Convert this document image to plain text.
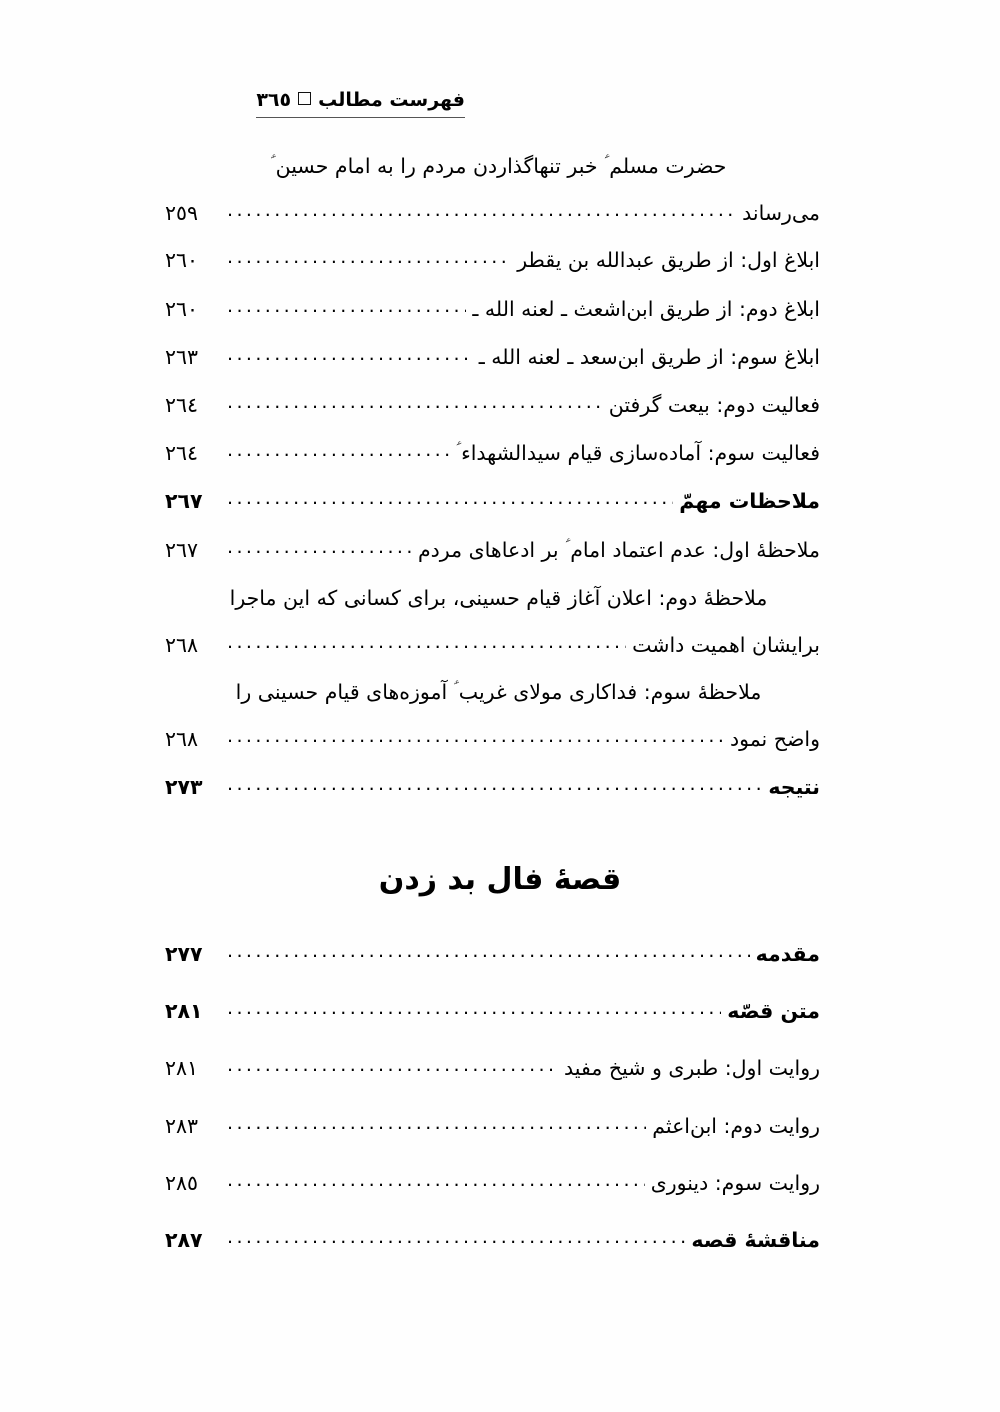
فهرست مطالب٣٦٥
حضرت مسلم ؑ خبر تنهاگذاردن مردم را به امام حسین ؑ
می‌رساند
.....
٢٥٩
ابلاغ اول: از طریق عبدالله بن یقطر
.....
٢٦٠
ابلاغ دوم: از طریق ابن‌اشعث ـ لعنه الله ـ
.....
٢٦٠
ابلاغ سوم: از طریق ابن‌سعد ـ لعنه الله ـ
.....
٢٦٣
فعالیت دوم: بیعت گرفتن
.....
٢٦٤
فعالیت سوم: آماده‌سازی قیام سیدالشهداء ؑ
.....
٢٦٤
ملاحظات مهمّ
.....
٢٦٧
ملاحظهٔ اول: عدم اعتماد امام ؑ بر ادعاهای مردم
.....
٢٦٧
ملاحظهٔ دوم: اعلان آغاز قیام حسینی، برای کسانی که این ماجرا
برایشان اهمیت داشت
.....
٢٦٨
ملاحظهٔ سوم: فداکاری مولای غریب ؑ آموزه‌های قیام حسینی را
واضح نمود
.....
٢٦٨
نتیجه
.....
٢٧٣
قصهٔ فال بد زدن
مقدمه
.....
٢٧٧
متن قصّه
.....
٢٨١
روایت اول: طبری و شیخ مفید
.....
٢٨١
روایت دوم: ابن‌اعثم
.....
٢٨٣
روایت سوم: دینوری
.....
٢٨٥
مناقشهٔ قصه
.....
٢٨٧
